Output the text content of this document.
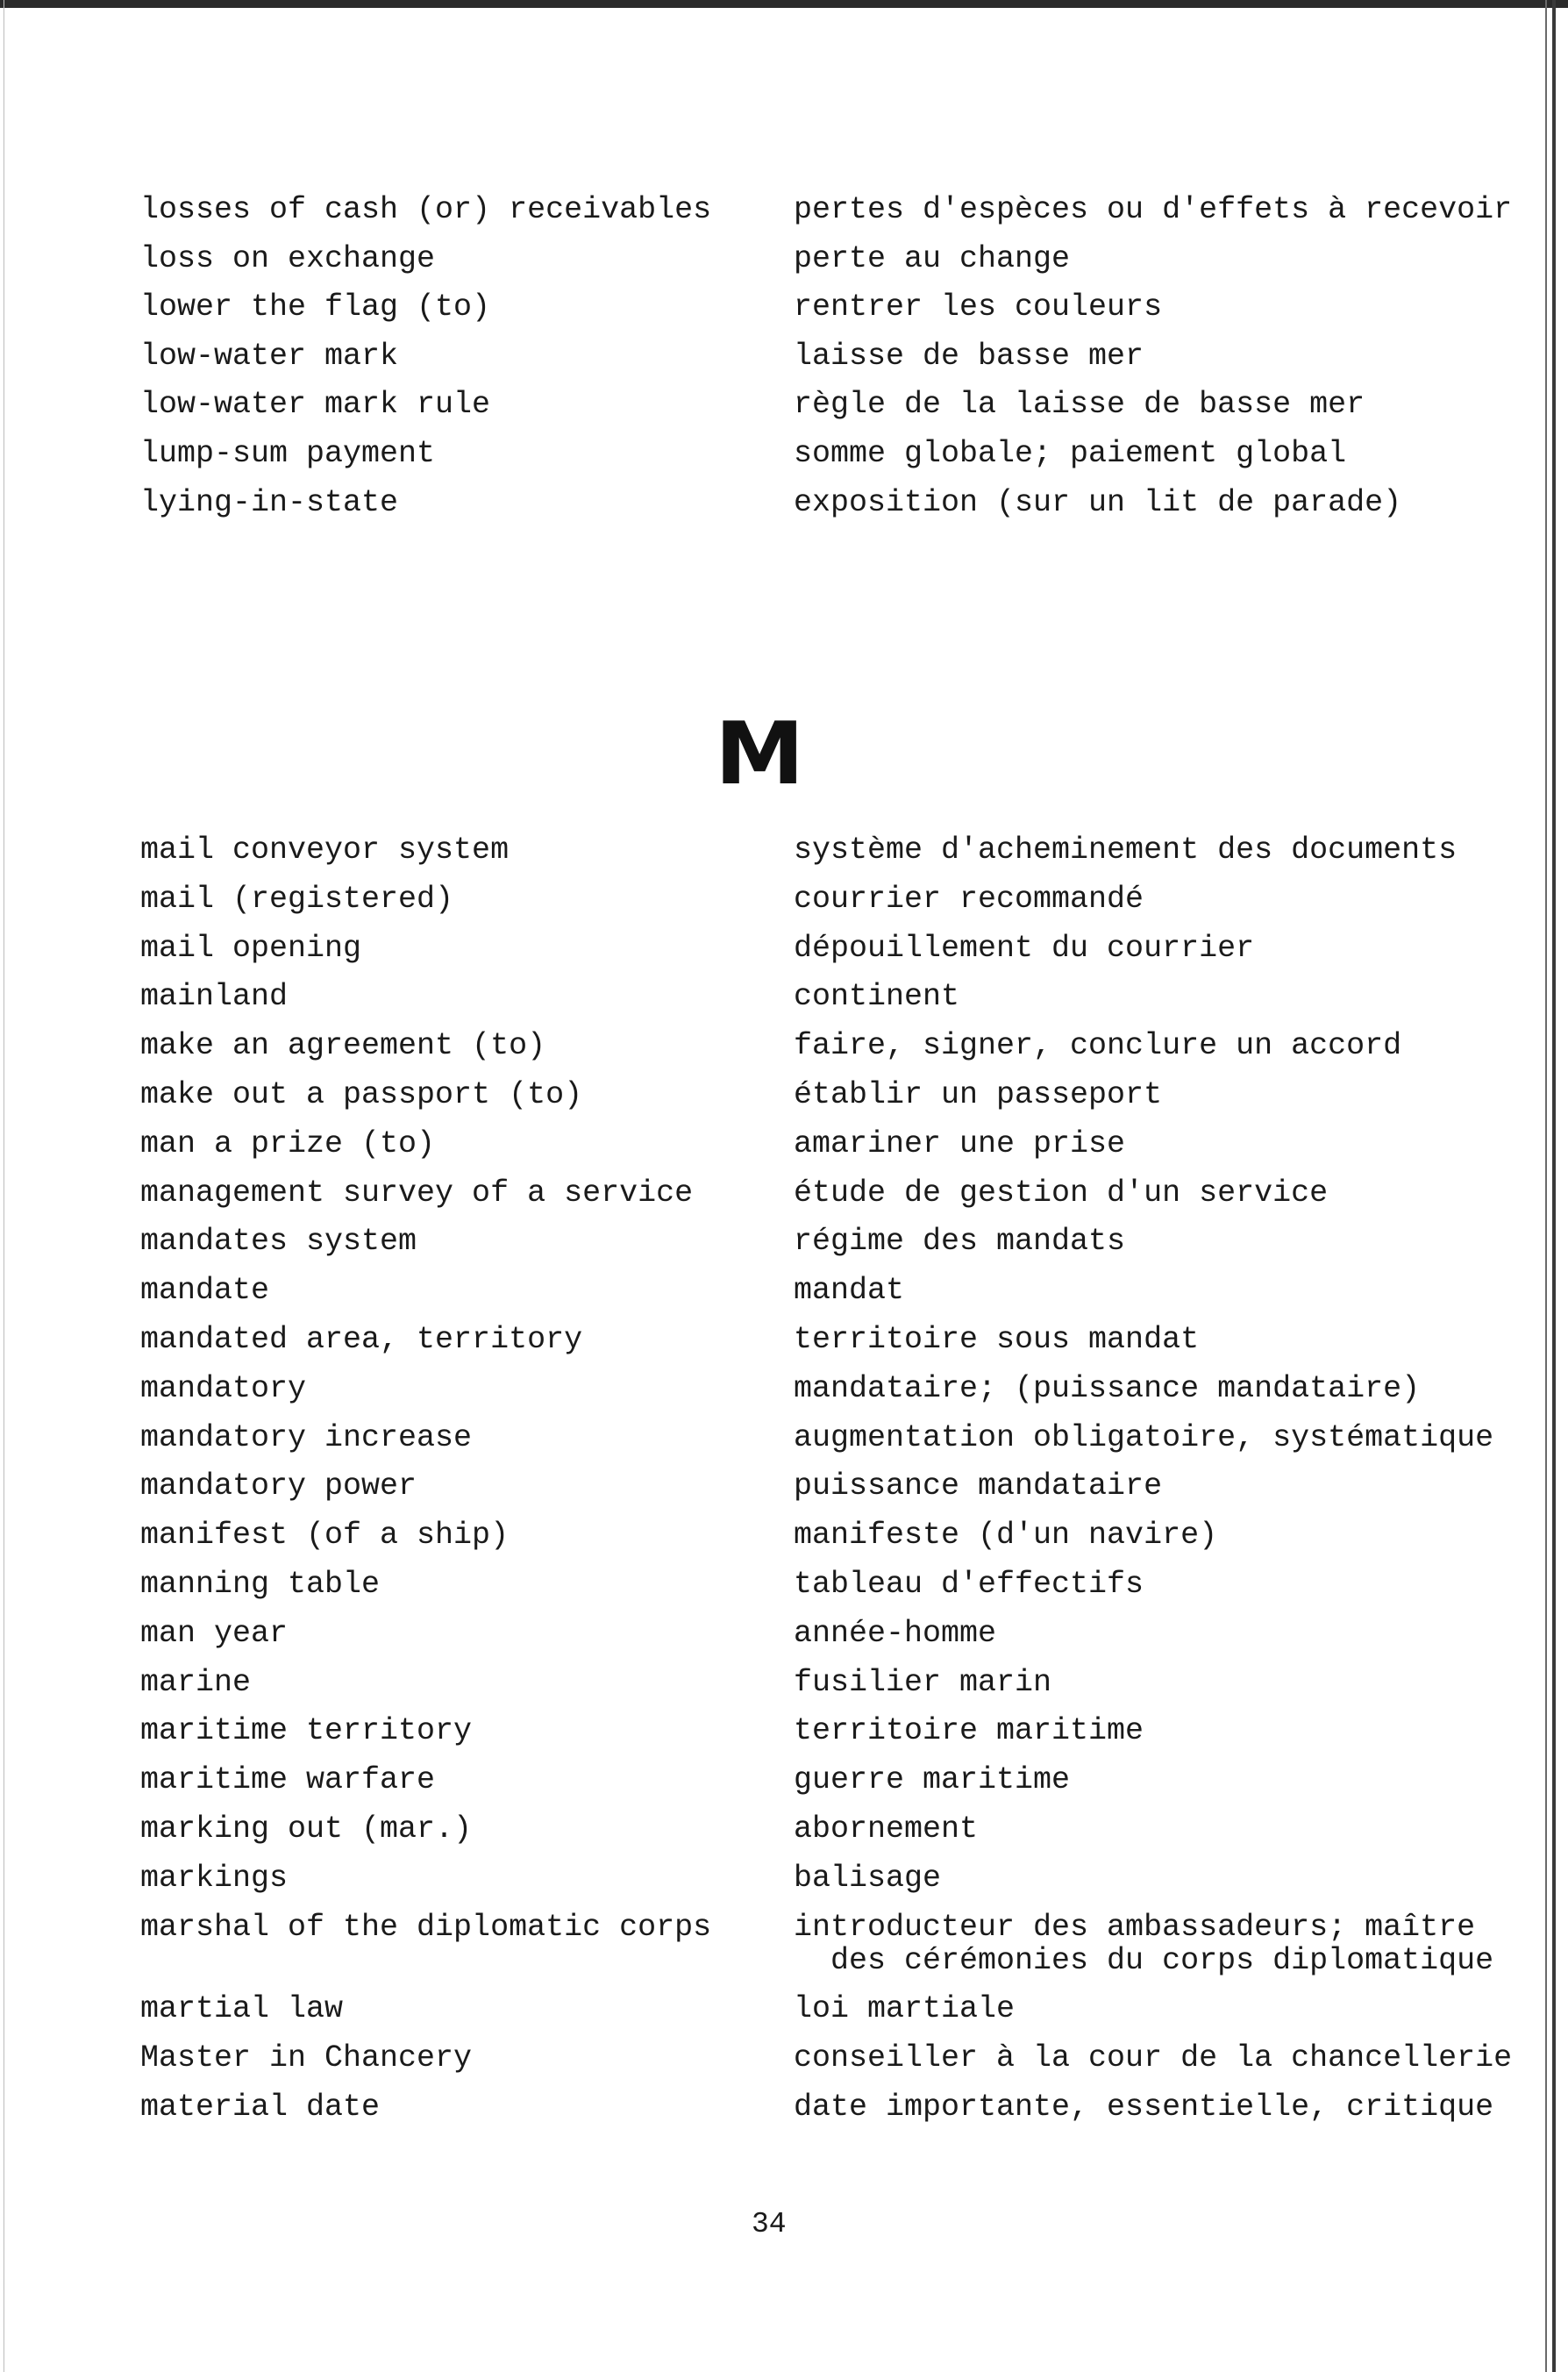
losses of cash (or) receivables	pertes d'espèces ou d'effets à recevoir
loss on exchange	perte au change
lower the flag (to)	rentrer les couleurs
low-water mark	laisse de basse mer
low-water mark rule	règle de la laisse de basse mer
lump-sum payment	somme globale; paiement global
lying-in-state	exposition (sur un lit de parade)
M
mail conveyor system	système d'acheminement des documents
mail (registered)	courrier recommandé
mail opening	dépouillement du courrier
mainland	continent
make an agreement (to)	faire, signer, conclure un accord
make out a passport (to)	établir un passeport
man a prize (to)	amariner une prise
management survey of a service	étude de gestion d'un service
mandates system	régime des mandats
mandate	mandat
mandated area, territory	territoire sous mandat
mandatory	mandataire; (puissance mandataire)
mandatory increase	augmentation obligatoire, systématique
mandatory power	puissance mandataire
manifest (of a ship)	manifeste (d'un navire)
manning table	tableau d'effectifs
man year	année-homme
marine	fusilier marin
maritime territory	territoire maritime
maritime warfare	guerre maritime
marking out (mar.)	abornement
markings	balisage
marshal of the diplomatic corps	introducteur des ambassadeurs; maître
des cérémonies du corps diplomatique
martial law	loi martiale
Master in Chancery	conseiller à la cour de la chancellerie
material date	date importante, essentielle, critique
34
